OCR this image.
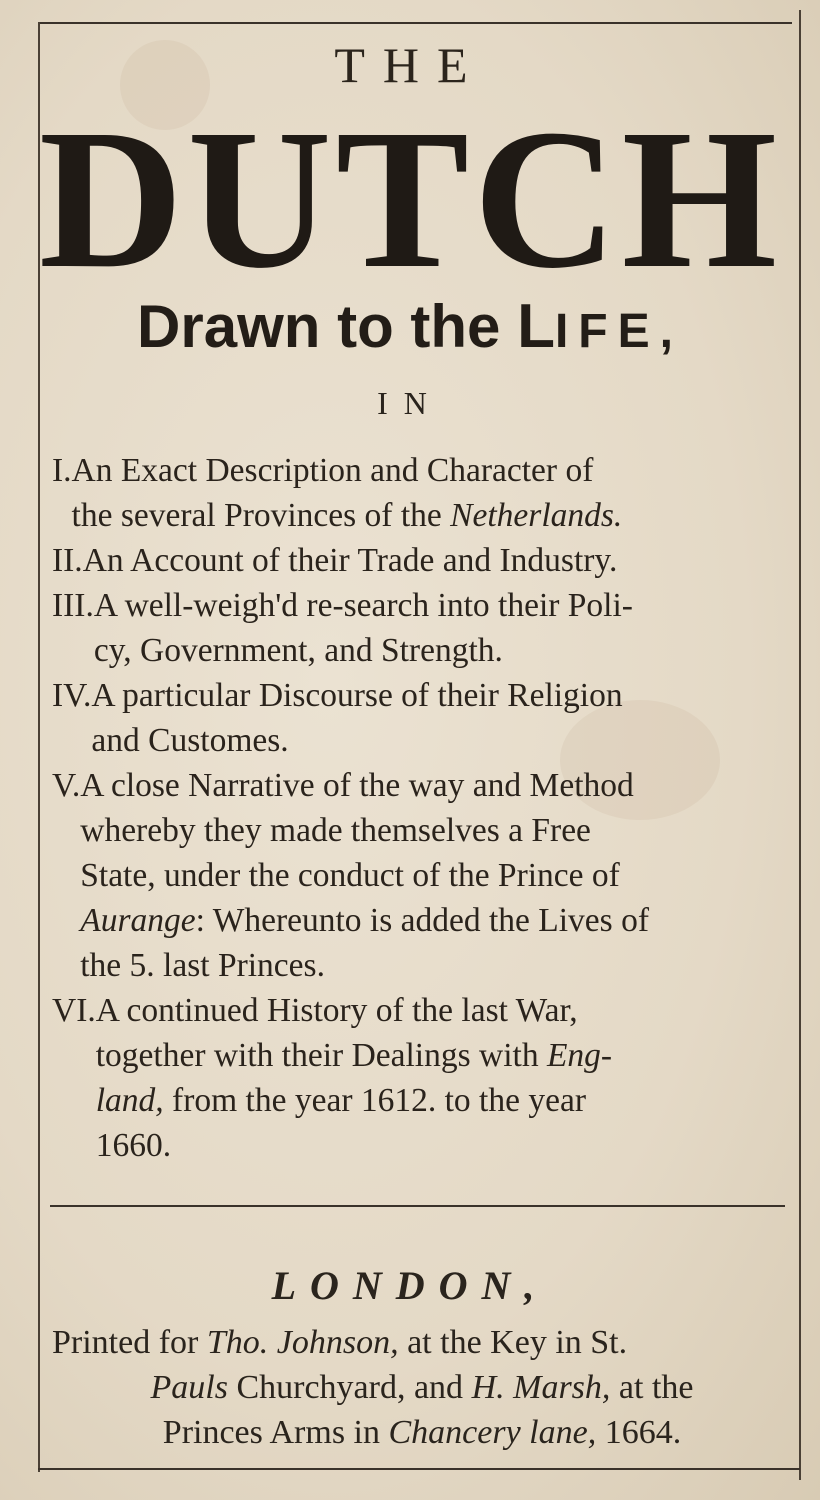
THE
DUTCH
Drawn to the LIFE,
IN
I. An Exact Description and Character of
the several Provinces of the Netherlands.
II. An Account of their Trade and Industry.
III. A well-weigh'd re-search into their Poli-
cy, Government, and Strength.
IV. A particular Discourse of their Religion
and Customes.
V. A close Narrative of the way and Method
whereby they made themselves a Free
State, under the conduct of the Prince of
Aurange: Whereunto is added the Lives of
the 5. last Princes.
VI. A continued History of the last War,
together with their Dealings with Eng-
land, from the year 1612. to the year
1660.
LONDON,
Printed for Tho. Johnson, at the Key in St.
Pauls Churchyard, and H. Marsh, at the
Princes Arms in Chancery lane, 1664.
